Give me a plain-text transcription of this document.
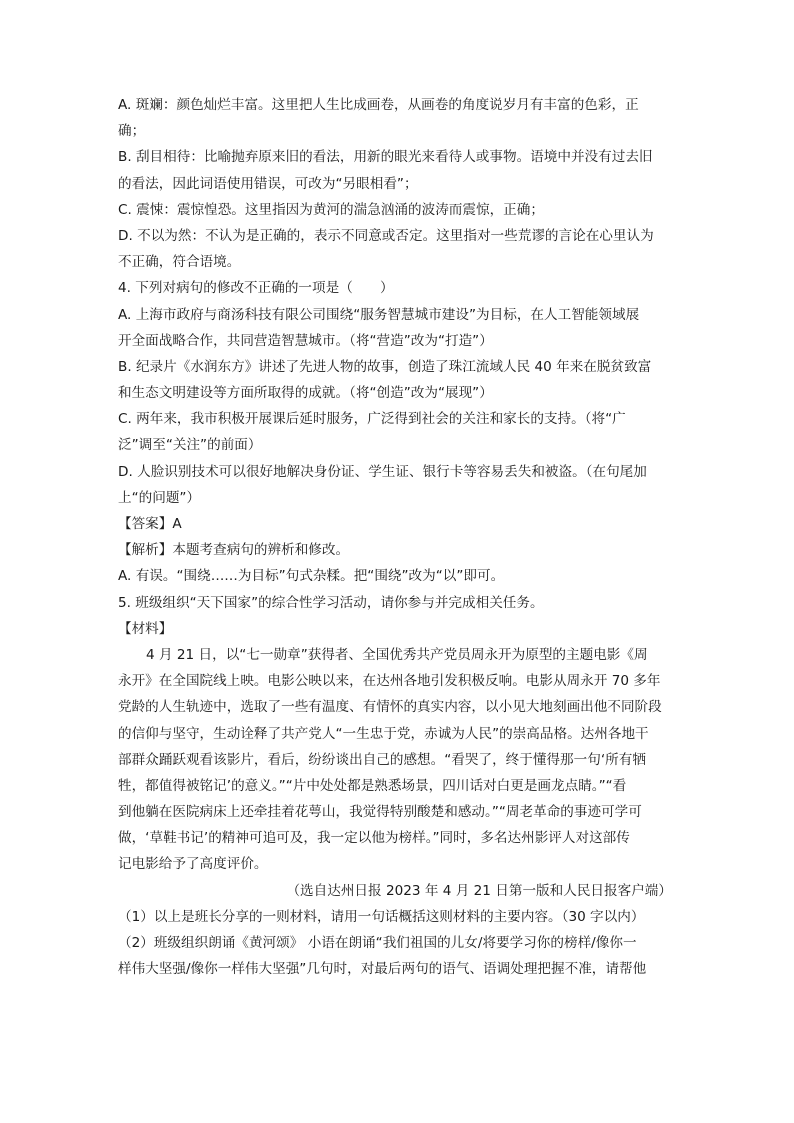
A. 斑斓：颜色灿烂丰富。这里把人生比成画卷，从画卷的角度说岁月有丰富的色彩，正
确；
B. 刮目相待：比喻抛弃原来旧的看法，用新的眼光来看待人或事物。语境中并没有过去旧
的看法，因此词语使用错误，可改为“另眼相看”；
C. 震悚：震惊惶恐。这里指因为黄河的湍急汹涌的波涛而震惊，正确；
D. 不以为然：不认为是正确的，表示不同意或否定。这里指对一些荒谬的言论在心里认为
不正确，符合语境。
4. 下列对病句的修改不正确的一项是（　　）
A. 上海市政府与商汤科技有限公司围绕“服务智慧城市建设”为目标，在人工智能领域展
开全面战略合作，共同营造智慧城市。（将“营造”改为“打造”）
B. 纪录片《水润东方》讲述了先进人物的故事，创造了珠江流域人民 40 年来在脱贫致富
和生态文明建设等方面所取得的成就。（将“创造”改为“展现”）
C. 两年来，我市积极开展课后延时服务，广泛得到社会的关注和家长的支持。（将“广
泛”调至“关注”的前面）
D. 人脸识别技术可以很好地解决身份证、学生证、银行卡等容易丢失和被盗。（在句尾加
上“的问题”）
【答案】A
【解析】本题考查病句的辨析和修改。
A. 有误。“围绕……为目标”句式杂糅。把“围绕”改为“以”即可。
5. 班级组织“天下国家”的综合性学习活动，请你参与并完成相关任务。
【材料】
4 月 21 日，以“七一勋章”获得者、全国优秀共产党员周永开为原型的主题电影《周
永开》在全国院线上映。电影公映以来，在达州各地引发积极反响。电影从周永开 70 多年
党龄的人生轨迹中，选取了一些有温度、有情怀的真实内容，以小见大地刻画出他不同阶段
的信仰与坚守，生动诠释了共产党人“一生忠于党，赤诚为人民”的崇高品格。达州各地干
部群众踊跃观看该影片，看后，纷纷谈出自己的感想。“看哭了，终于懂得那一句‘所有牺
牲，都值得被铭记’的意义。”“片中处处都是熟悉场景，四川话对白更是画龙点睛。”“看
到他躺在医院病床上还牵挂着花萼山，我觉得特别酸楚和感动。”“周老革命的事迹可学可
做，‘草鞋书记’的精神可追可及，我一定以他为榜样。”同时，多名达州影评人对这部传
记电影给予了高度评价。
（选自达州日报 2023 年 4 月 21 日第一版和人民日报客户端）
（1）以上是班长分享的一则材料，请用一句话概括这则材料的主要内容。（30 字以内）
（2）班级组织朗诵《黄河颂》 小语在朗诵“我们祖国的儿女/将要学习你的榜样/像你一
样伟大坚强/像你一样伟大坚强”几句时，对最后两句的语气、语调处理把握不准，请帮他
